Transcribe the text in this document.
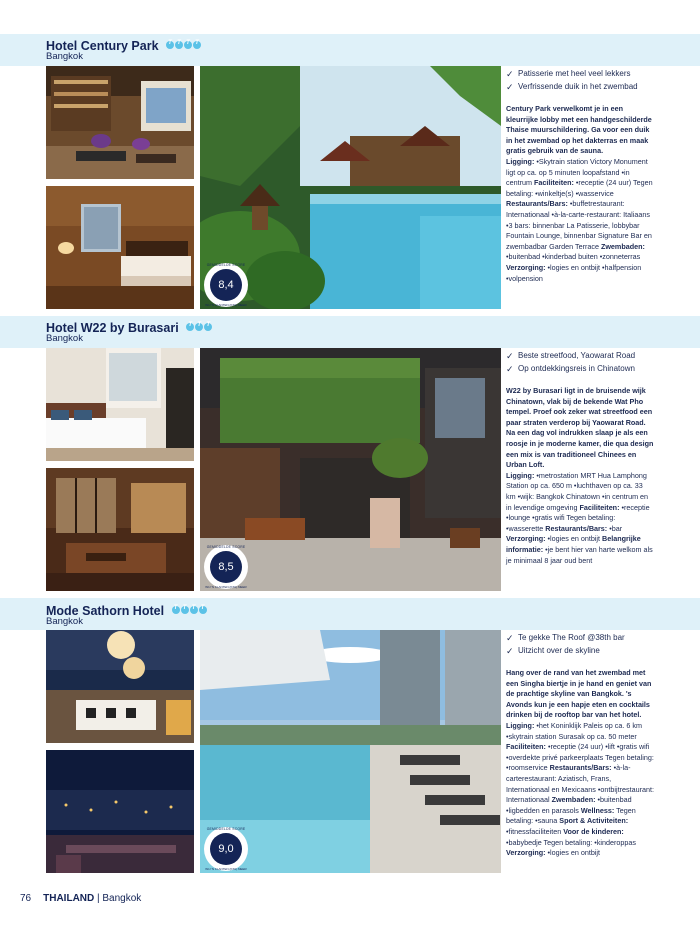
Hotel Century Park TTTT
Bangkok
GEMIDDELDE SCORE
8,4
WIJ 'N KLANTEN (IN%) MEER
✓ Patisserie met heel veel lekkers
✓ Verfrissende duik in het zwembad
Century Park verwelkomt je in een kleurrijke lobby met een handgeschilderde Thaise muurschildering. Ga voor een duik in het zwembad op het dakterras en maak gratis gebruik van de sauna.
Ligging: •Skytrain station Victory Monument ligt op ca. op 5 minuten loopafstand •in centrum Faciliteiten: •receptie (24 uur) Tegen betaling: •winkeltje(s) •wasservice Restaurants/Bars: •buffetrestaurant: Internationaal •à-la-carte-restaurant: Italiaans •3 bars: binnenbar La Patisserie, lobbybar Fountain Lounge, binnenbar Signature Bar en zwembadbar Garden Terrace Zwembaden: •buitenbad •kinderbad buiten •zonneterras Verzorging: •logies en ontbijt •halfpension •volpension
Hotel W22 by Burasari TTT
Bangkok
GEMIDDELDE SCORE
8,5
WIJ 'N KLANTEN (IN%) MEER
✓ Beste streetfood, Yaowarat Road
✓ Op ontdekkingsreis in Chinatown
W22 by Burasari ligt in de bruisende wijk Chinatown, vlak bij de bekende Wat Pho tempel. Proef ook zeker wat streetfood een paar straten verderop bij Yaowarat Road. Na een dag vol indrukken slaap je als een roosje in je moderne kamer, die qua design een mix is van traditioneel Chinees en Urban Loft.
Ligging: •metrostation MRT Hua Lamphong Station op ca. 650 m •luchthaven op ca. 33 km •wijk: Bangkok Chinatown •in centrum en in levendige omgeving Faciliteiten: •receptie •lounge •gratis wifi Tegen betaling: •wasserette Restaurants/Bars: •bar Verzorging: •logies en ontbijt Belangrijke informatie: •je bent hier van harte welkom als je minimaal 8 jaar oud bent
Mode Sathorn Hotel TTTT
Bangkok
GEMIDDELDE SCORE
9,0
WIJ 'N KLANTEN (IN%) MEER
✓ Te gekke The Roof @38th bar
✓ Uitzicht over de skyline
Hang over de rand van het zwembad met een Singha biertje in je hand en geniet van de prachtige skyline van Bangkok. 's Avonds kun je een hapje eten en cocktails drinken bij de rooftop bar van het hotel.
Ligging: •het Koninklijk Paleis op ca. 6 km •skytrain station Surasak op ca. 50 meter Faciliteiten: •receptie (24 uur) •lift •gratis wifi •overdekte privé parkeerplaats Tegen betaling: •roomservice Restaurants/Bars: •à-la-carterestaurant: Aziatisch, Frans, Internationaal en Mexicaans •ontbijtrestaurant: Internationaal Zwembaden: •buitenbad •ligbedden en parasols Wellness: Tegen betaling: •sauna Sport & Activiteiten: •fitnessfaciliteiten Voor de kinderen: •babybedje Tegen betaling: •kinderoppas Verzorging: •logies en ontbijt
76 THAILAND | Bangkok
